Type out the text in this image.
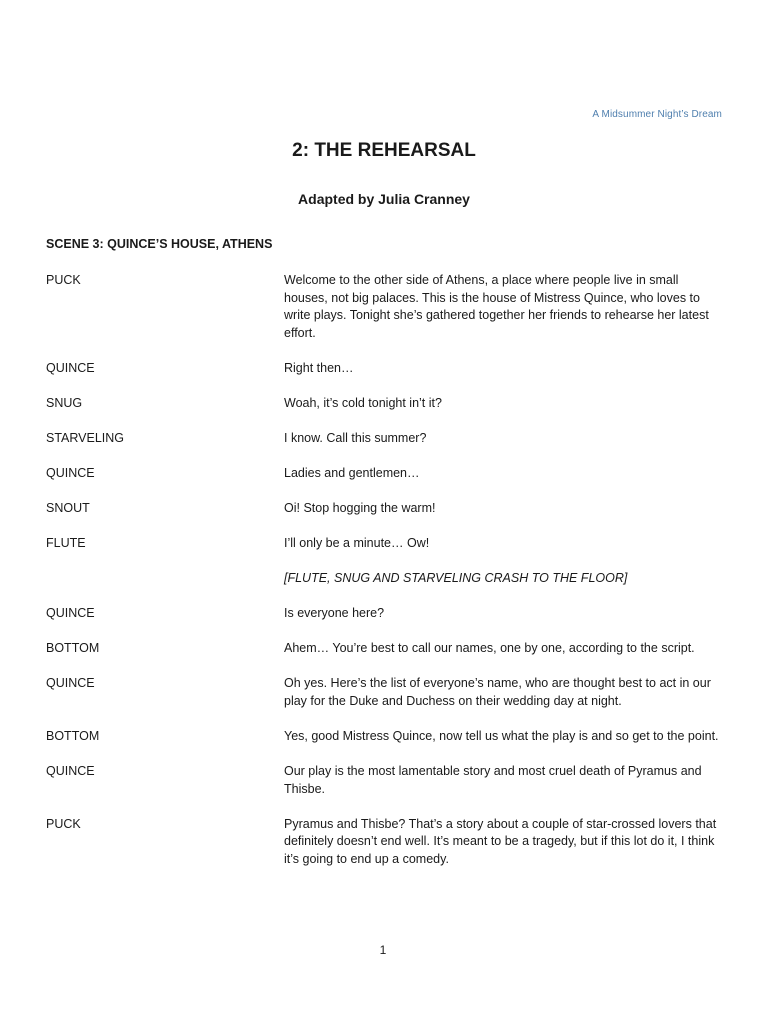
A Midsummer Night’s Dream
2: THE REHEARSAL
Adapted by Julia Cranney
SCENE 3: QUINCE’S HOUSE, ATHENS
PUCK	Welcome to the other side of Athens, a place where people live in small houses, not big palaces. This is the house of Mistress Quince, who loves to write plays. Tonight she’s gathered together her friends to rehearse her latest effort.
QUINCE	Right then…
SNUG	Woah, it’s cold tonight in’t it?
STARVELING	I know. Call this summer?
QUINCE	Ladies and gentlemen…
SNOUT	Oi! Stop hogging the warm!
FLUTE	I’ll only be a minute… Ow!
[FLUTE, SNUG AND STARVELING CRASH TO THE FLOOR]
QUINCE	Is everyone here?
BOTTOM	Ahem… You’re best to call our names, one by one, according to the script.
QUINCE	Oh yes. Here’s the list of everyone’s name, who are thought best to act in our play for the Duke and Duchess on their wedding day at night.
BOTTOM	Yes, good Mistress Quince, now tell us what the play is and so get to the point.
QUINCE	Our play is the most lamentable story and most cruel death of Pyramus and Thisbe.
PUCK	Pyramus and Thisbe? That’s a story about a couple of star-crossed lovers that definitely doesn’t end well. It’s meant to be a tragedy, but if this lot do it, I think it’s going to end up a comedy.
1
